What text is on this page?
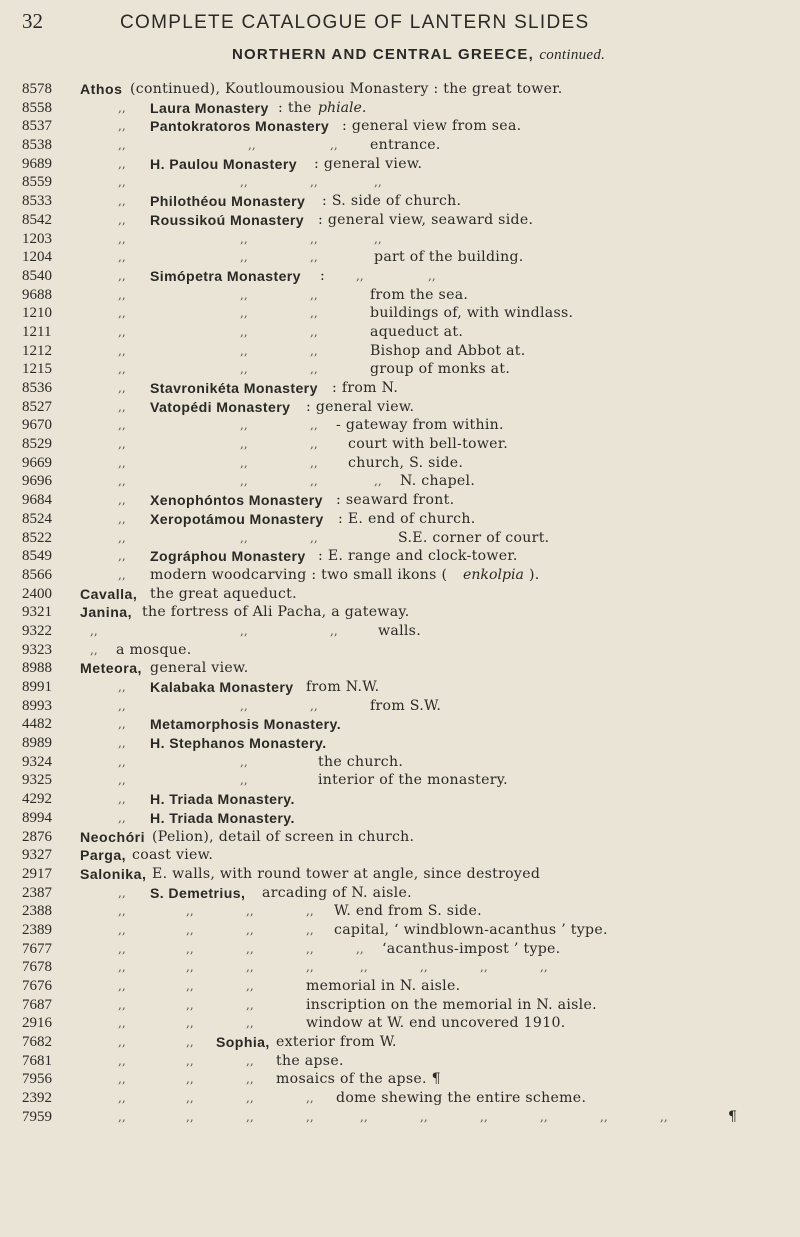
32	COMPLETE CATALOGUE OF LANTERN SLIDES
NORTHERN AND CENTRAL GREECE, continued.
8578	Athos (continued), Koutloumousiou Monastery : the great tower.
8558	,, Laura Monastery : the phiale.
8537	,, Pantokratoros Monastery : general view from sea.
8538	,,	,,	,, entrance.
9689	,, H. Paulou Monastery : general view.
8559	,,	,,	,,	,,
8533	,, Philothéou Monastery : S. side of church.
8542	,, Roussikoú Monastery : general view, seaward side.
1203	,,	,,	,,	,,
1204	,,	,,	,,	part of the building.
8540	,, Simópetra Monastery :	,,	,,
9688	,,	,,	,,	from the sea.
1210	,,	,,	,,	buildings of, with windlass.
1211	,,	,,	,,	aqueduct at.
1212	,,	,,	,,	Bishop and Abbot at.
1215	,,	,,	,,	group of monks at.
8536	,, Stavronikéta Monastery : from N.
8527	,, Vatopédi Monastery : general view.
9670	,,	,,	,, - gateway from within.
8529	,,	,,	,, court with bell-tower.
9669	,,	,,	,, church, S. side.
9696	,,	,,	,,	,, N. chapel.
9684	,, Xenophóntos Monastery : seaward front.
8524	,, Xeropotámou Monastery : E. end of church.
8522	,,	,,	,,	S.E. corner of court.
8549	,, Zográphou Monastery : E. range and clock-tower.
8566	,, modern woodcarving : two small ikons ( enkolpia ).
2400	Cavalla, the great aqueduct.
9321	Janina, the fortress of Ali Pacha, a gateway.
9322	,,	,,	,,	walls.
9323	,, a mosque.
8988	Meteora, general view.
8991	,, Kalabaka Monastery from N.W.
8993	,,	,,	,,	from S.W.
4482	,, Metamorphosis Monastery.
8989	,, H. Stephanos Monastery.
9324	,,	,,	the church.
9325	,,	,,	interior of the monastery.
4292	,, H. Triada Monastery.
8994	,, H. Triada Monastery.
2876	Neochóri (Pelion), detail of screen in church.
9327	Parga, coast view.
2917	Salonika, E. walls, with round tower at angle, since destroyed
2387	,, S. Demetrius, arcading of N. aisle.
2388	,,	,,	,,	,, W. end from S. side.
2389	,,	,,	,,	,, capital, ‘ windblown-acanthus ’ type.
7677	,,	,,	,,	,,	,, ‘acanthus-impost ’ type.
7678	,,	,,	,,	,,	,,	,,	,,	,,
7676	,,	,,	,,	memorial in N. aisle.
7687	,,	,,	,,	inscription on the memorial in N. aisle.
2916	,,	,,	,,	window at W. end uncovered 1910.
7682	,,	,, Sophia, exterior from W.
7681	,,	,,	,, the apse.
7956	,,	,,	,, mosaics of the apse. ¶
2392	,,	,,	,,	,, dome shewing the entire scheme.
7959	,,	,,	,,	,,	,,	,,	,,	,,	,,	,,	¶
